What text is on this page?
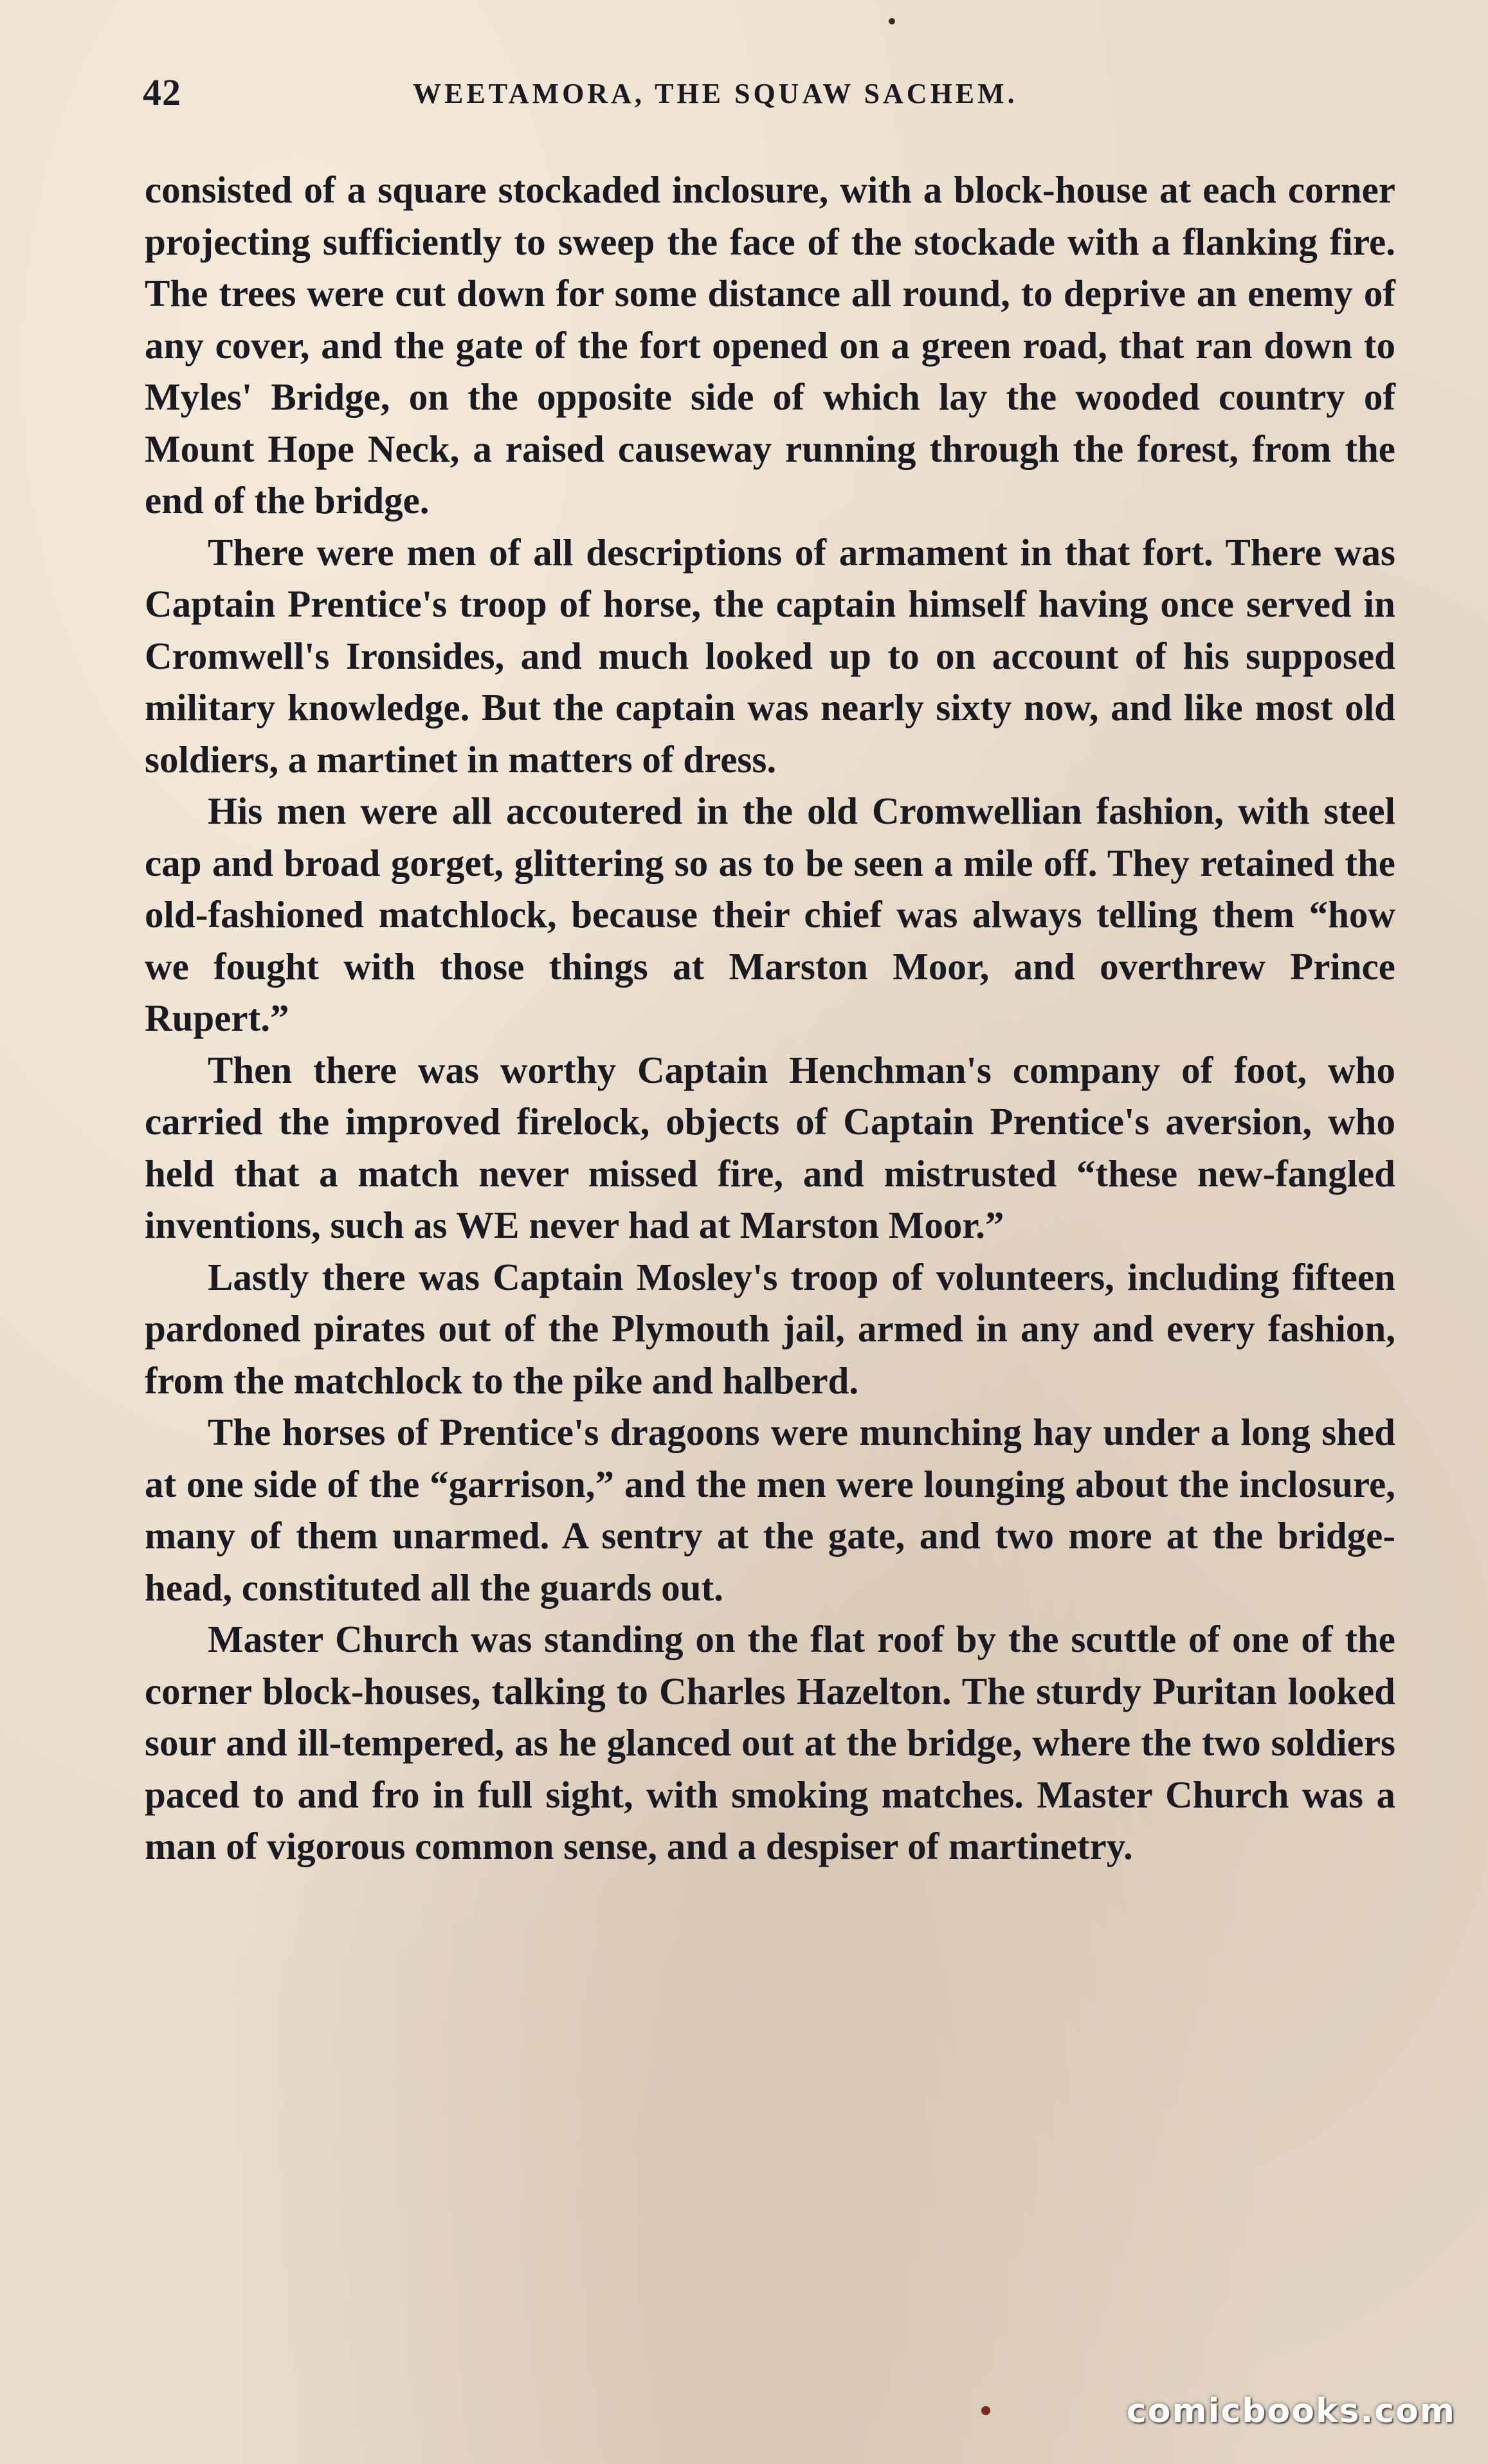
42	WEETAMORA, THE SQUAW SACHEM.

consisted of a square stockaded inclosure, with a block-house at each corner projecting sufficiently to sweep the face of the stockade with a flanking fire. The trees were cut down for some distance all round, to deprive an enemy of any cover, and the gate of the fort opened on a green road, that ran down to Myles' Bridge, on the opposite side of which lay the wooded country of Mount Hope Neck, a raised causeway running through the forest, from the end of the bridge.

There were men of all descriptions of armament in that fort. There was Captain Prentice's troop of horse, the captain himself having once served in Cromwell's Ironsides, and much looked up to on account of his supposed military knowledge. But the captain was nearly sixty now, and like most old soldiers, a martinet in matters of dress.

His men were all accoutered in the old Cromwellian fashion, with steel cap and broad gorget, glittering so as to be seen a mile off. They retained the old-fashioned matchlock, because their chief was always telling them “how we fought with those things at Marston Moor, and overthrew Prince Rupert.”

Then there was worthy Captain Henchman's company of foot, who carried the improved firelock, objects of Captain Prentice's aversion, who held that a match never missed fire, and mistrusted “these new-fangled inventions, such as WE never had at Marston Moor.”

Lastly there was Captain Mosley's troop of volunteers, including fifteen pardoned pirates out of the Plymouth jail, armed in any and every fashion, from the matchlock to the pike and halberd.

The horses of Prentice's dragoons were munching hay under a long shed at one side of the “garrison,” and the men were lounging about the inclosure, many of them unarmed. A sentry at the gate, and two more at the bridge-head, constituted all the guards out.

Master Church was standing on the flat roof by the scuttle of one of the corner block-houses, talking to Charles Hazelton. The sturdy Puritan looked sour and ill-tempered, as he glanced out at the bridge, where the two soldiers paced to and fro in full sight, with smoking matches. Master Church was a man of vigorous common sense, and a despiser of martinetry.

comicbooks.com
